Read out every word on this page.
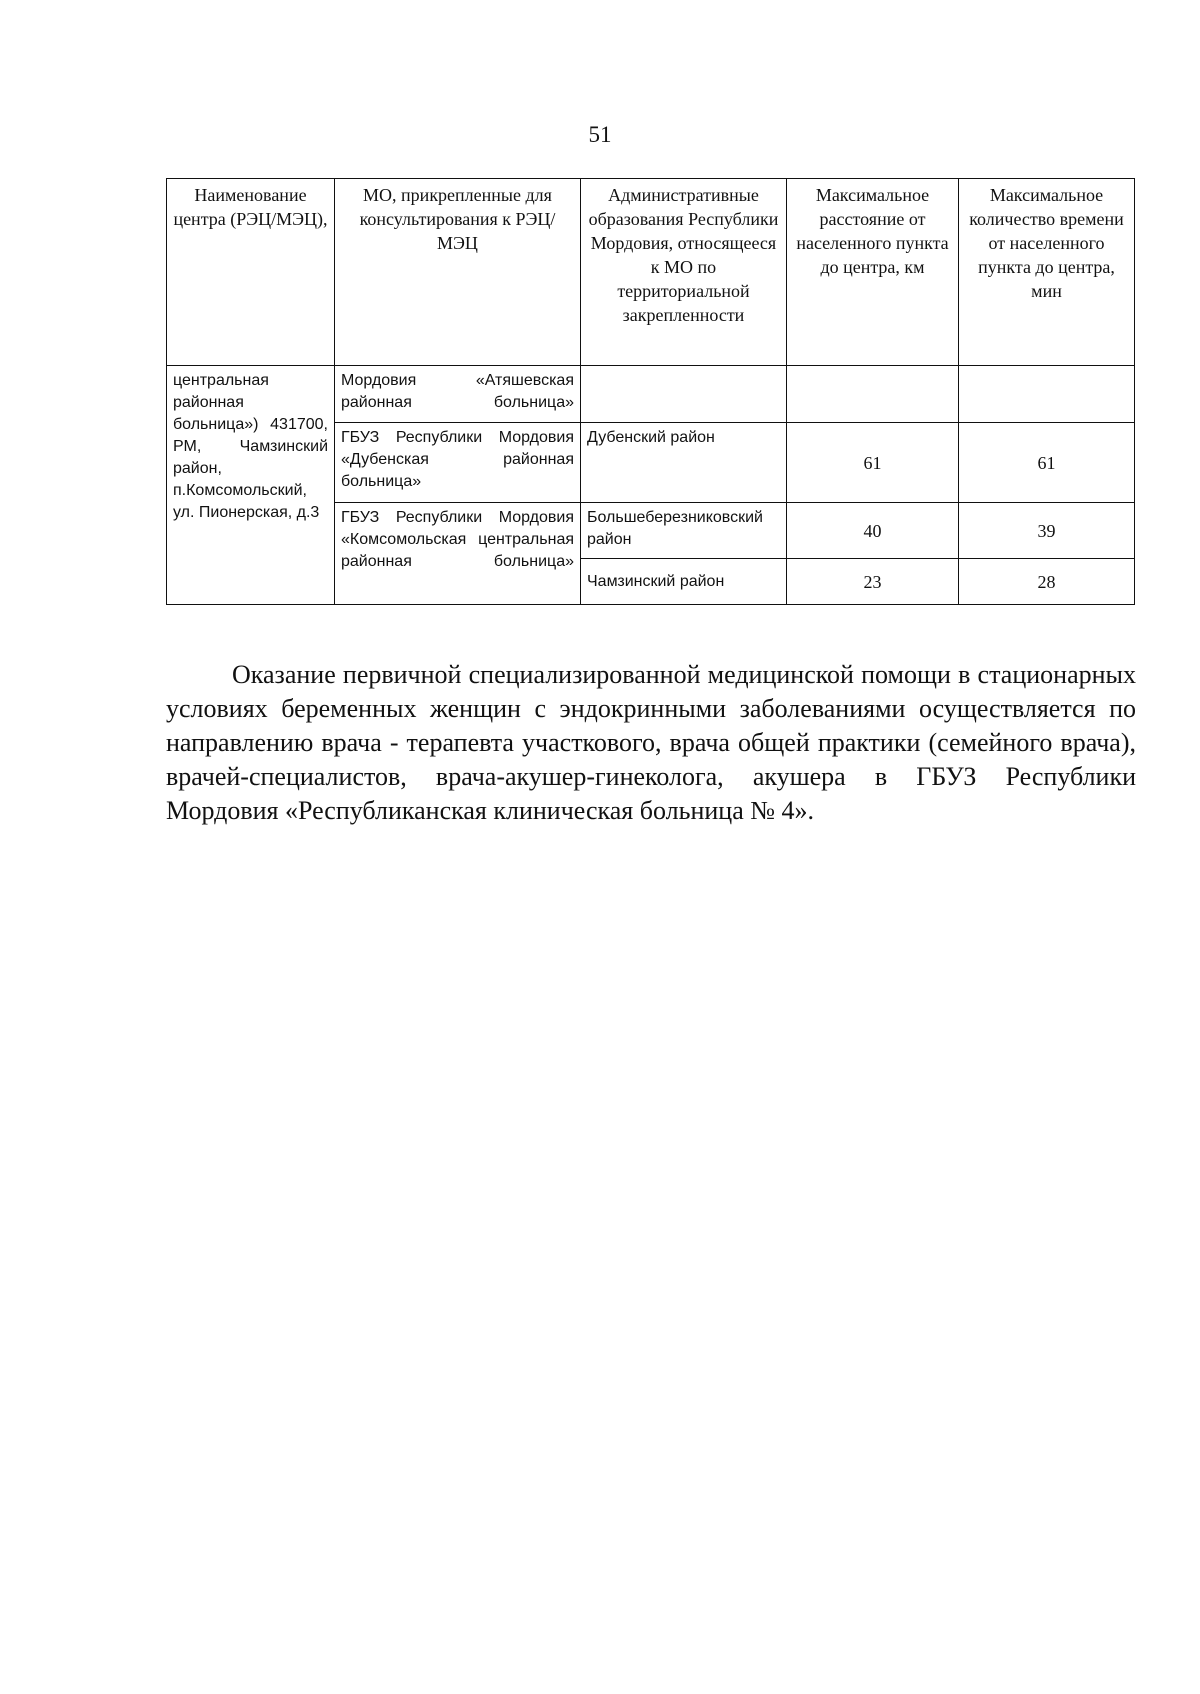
51
Наименование центра (РЭЦ/МЭЦ),	МО, прикрепленные для консультирования к РЭЦ/МЭЦ	Административные образования Республики Мордовия, относящееся к МО по территориальной закрепленности	Максимальное расстояние от населенного пункта до центра, км	Максимальное количество времени от населенного пункта до центра, мин
центральная районная больница») 431700, РМ, Чамзинский район, п.Комсомольский, ул. Пионерская, д.3	Мордовия «Атяшевская районная больница»			
	ГБУЗ Республики Мордовия «Дубенская районная больница»	Дубенский район	61	61
	ГБУЗ Республики Мордовия «Комсомольская центральная районная больница»	Большеберезниковский район	40	39
		Чамзинский район	23	28

Оказание первичной специализированной медицинской помощи в стационарных условиях беременных женщин с эндокринными заболеваниями осуществляется по направлению врача - терапевта участкового, врача общей практики (семейного врача), врачей-специалистов, врача-акушер-гинеколога, акушера в ГБУЗ Республики Мордовия «Республиканская клиническая больница № 4».
